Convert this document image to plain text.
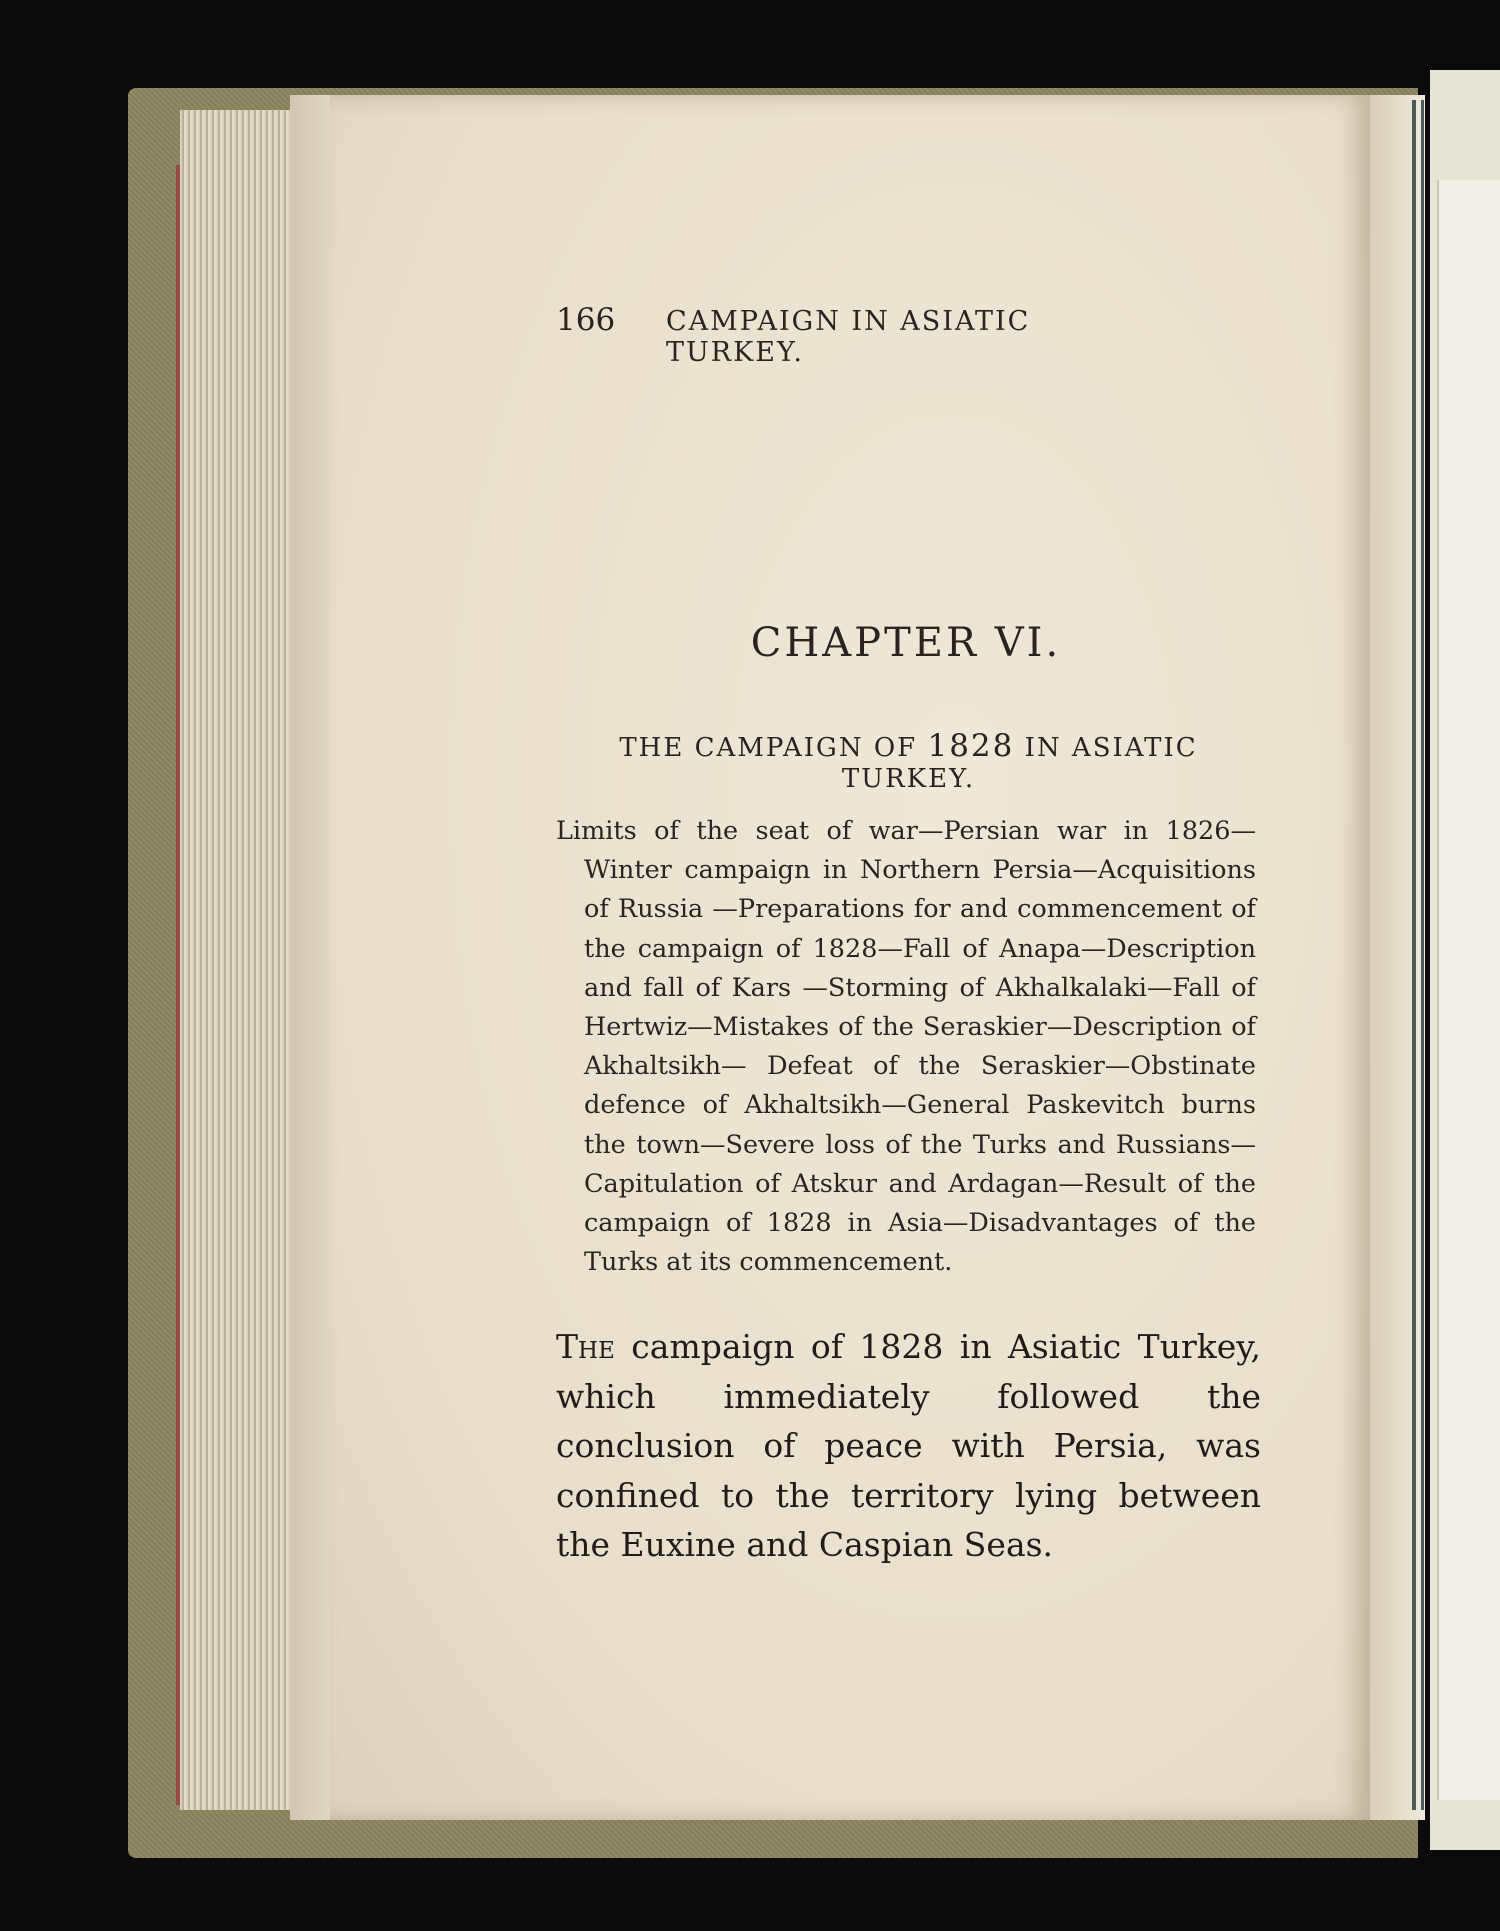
166 CAMPAIGN IN ASIATIC TURKEY.
CHAPTER VI.
THE CAMPAIGN OF 1828 IN ASIATIC TURKEY.
Limits of the seat of war—Persian war in 1826—Winter campaign in Northern Persia—Acquisitions of Russia —Preparations for and commencement of the campaign of 1828—Fall of Anapa—Description and fall of Kars —Storming of Akhalkalaki—Fall of Hertwiz—Mistakes of the Seraskier—Description of Akhaltsikh— Defeat of the Seraskier—Obstinate defence of Akhaltsikh—General Paskevitch burns the town—Severe loss of the Turks and Russians—Capitulation of Atskur and Ardagan—Result of the campaign of 1828 in Asia—Disadvantages of the Turks at its commencement.
The campaign of 1828 in Asiatic Turkey, which immediately followed the conclusion of peace with Persia, was confined to the territory lying between the Euxine and Caspian Seas.
